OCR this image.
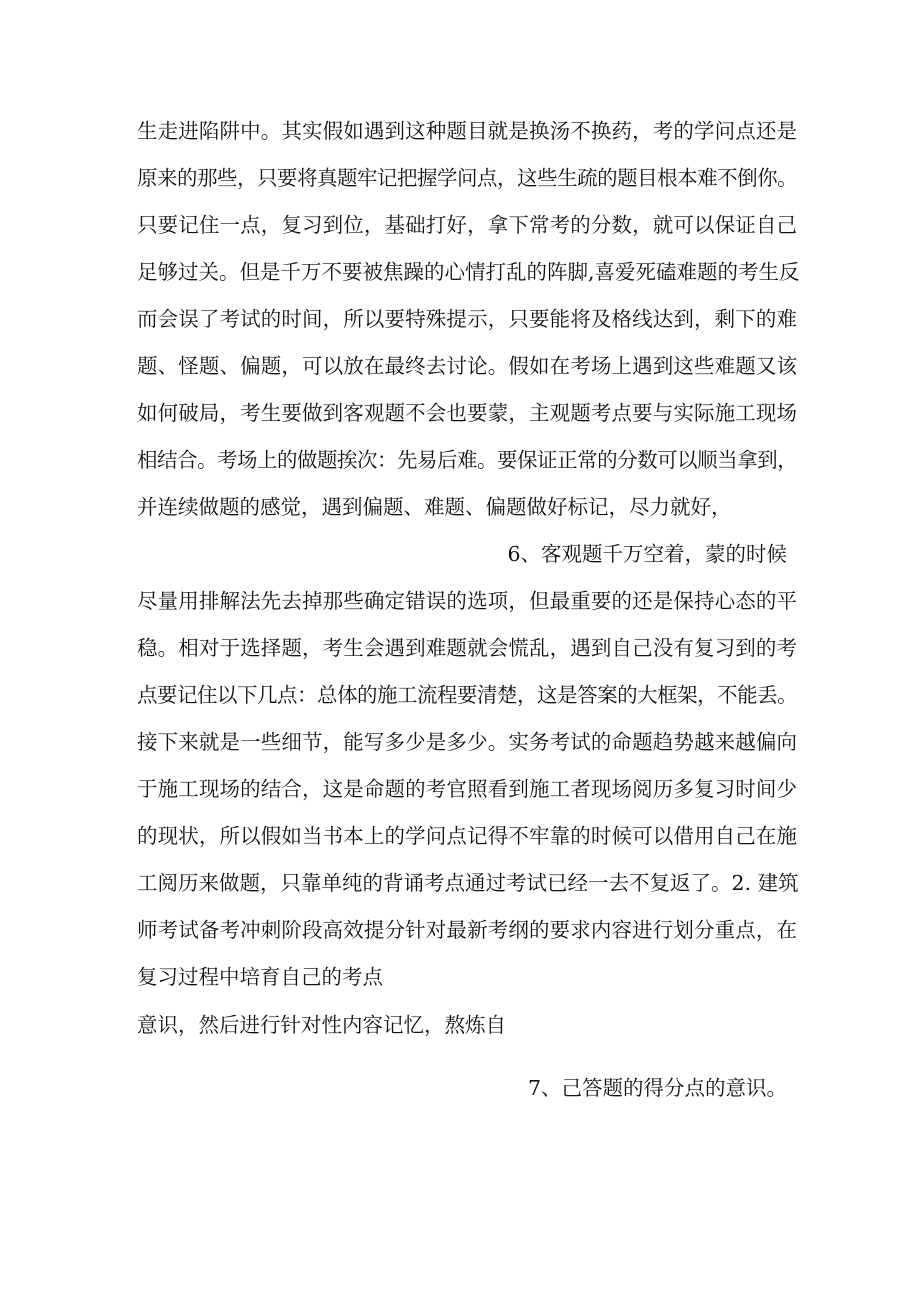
生走进陷阱中。其实假如遇到这种题目就是换汤不换药，考的学问点还是
原来的那些，只要将真题牢记把握学问点，这些生疏的题目根本难不倒你。
只要记住一点，复习到位，基础打好，拿下常考的分数，就可以保证自己
足够过关。但是千万不要被焦躁的心情打乱的阵脚,喜爱死磕难题的考生反
而会误了考试的时间，所以要特殊提示，只要能将及格线达到，剩下的难
题、怪题、偏题，可以放在最终去讨论。假如在考场上遇到这些难题又该
如何破局，考生要做到客观题不会也要蒙，主观题考点要与实际施工现场
相结合。考场上的做题挨次：先易后难。要保证正常的分数可以顺当拿到，
并连续做题的感觉，遇到偏题、难题、偏题做好标记，尽力就好，
6、客观题千万空着，蒙的时候
尽量用排解法先去掉那些确定错误的选项，但最重要的还是保持心态的平
稳。相对于选择题，考生会遇到难题就会慌乱，遇到自己没有复习到的考
点要记住以下几点：总体的施工流程要清楚，这是答案的大框架，不能丢。
接下来就是一些细节，能写多少是多少。实务考试的命题趋势越来越偏向
于施工现场的结合，这是命题的考官照看到施工者现场阅历多复习时间少
的现状，所以假如当书本上的学问点记得不牢靠的时候可以借用自己在施
工阅历来做题，只靠单纯的背诵考点通过考试已经一去不复返了。2. 建筑
师考试备考冲刺阶段高效提分针对最新考纲的要求内容进行划分重点，在
复习过程中培育自己的考点
意识，然后进行针对性内容记忆，熬炼自
7、己答题的得分点的意识。
